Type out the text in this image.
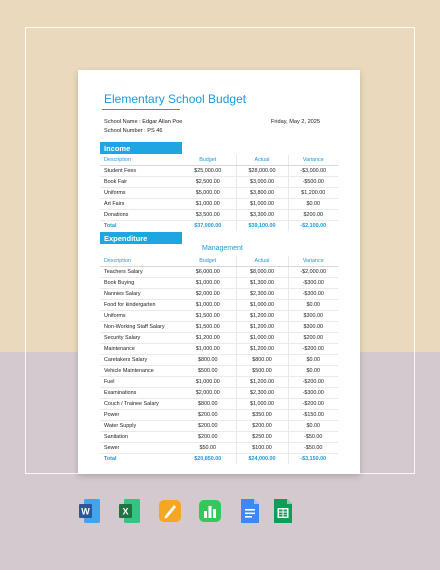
Elementary School Budget
School Name : Edgar Allan Poe
School Number : PS 46
Friday, May 2, 2025
Income
Description	Budget	Actual	Variance
Student Fees	$25,000.00	$28,000.00	-$3,000.00
Book Fair	$2,500.00	$3,000.00	-$500.00
Uniforms	$5,000.00	$3,800.00	$1,200.00
Art Fairs	$1,000.00	$1,000.00	$0.00
Donations	$3,500.00	$3,300.00	$200.00
Total	$37,000.00	$39,100.00	-$2,100.00
Expenditure
Management
Description	Budget	Actual	Variance
Teachers Salary	$6,000.00	$8,000.00	-$2,000.00
Book Buying	$1,000.00	$1,300.00	-$300.00
Nannies Salary	$2,000.00	$2,300.00	-$300.00
Food for kindergarten	$1,000.00	$1,000.00	$0.00
Uniforms	$1,500.00	$1,200.00	$300.00
Non-Working Staff Salary	$1,500.00	$1,200.00	$300.00
Security Salary	$1,200.00	$1,000.00	$200.00
Maintenance	$1,000.00	$1,200.00	-$200.00
Caretakers Salary	$800.00	$800.00	$0.00
Vehicle Maintenance	$500.00	$500.00	$0.00
Fuel	$1,000.00	$1,200.00	-$200.00
Examinations	$2,000.00	$2,300.00	-$300.00
Couch / Trainee Salary	$800.00	$1,000.00	-$200.00
Power	$200.00	$350.00	-$150.00
Water Supply	$200.00	$200.00	$0.00
Sanitation	$200.00	$250.00	-$50.00
Sewer	$50.00	$100.00	-$50.00
Total	$20,850.00	$24,000.00	-$3,150.00
W	X
